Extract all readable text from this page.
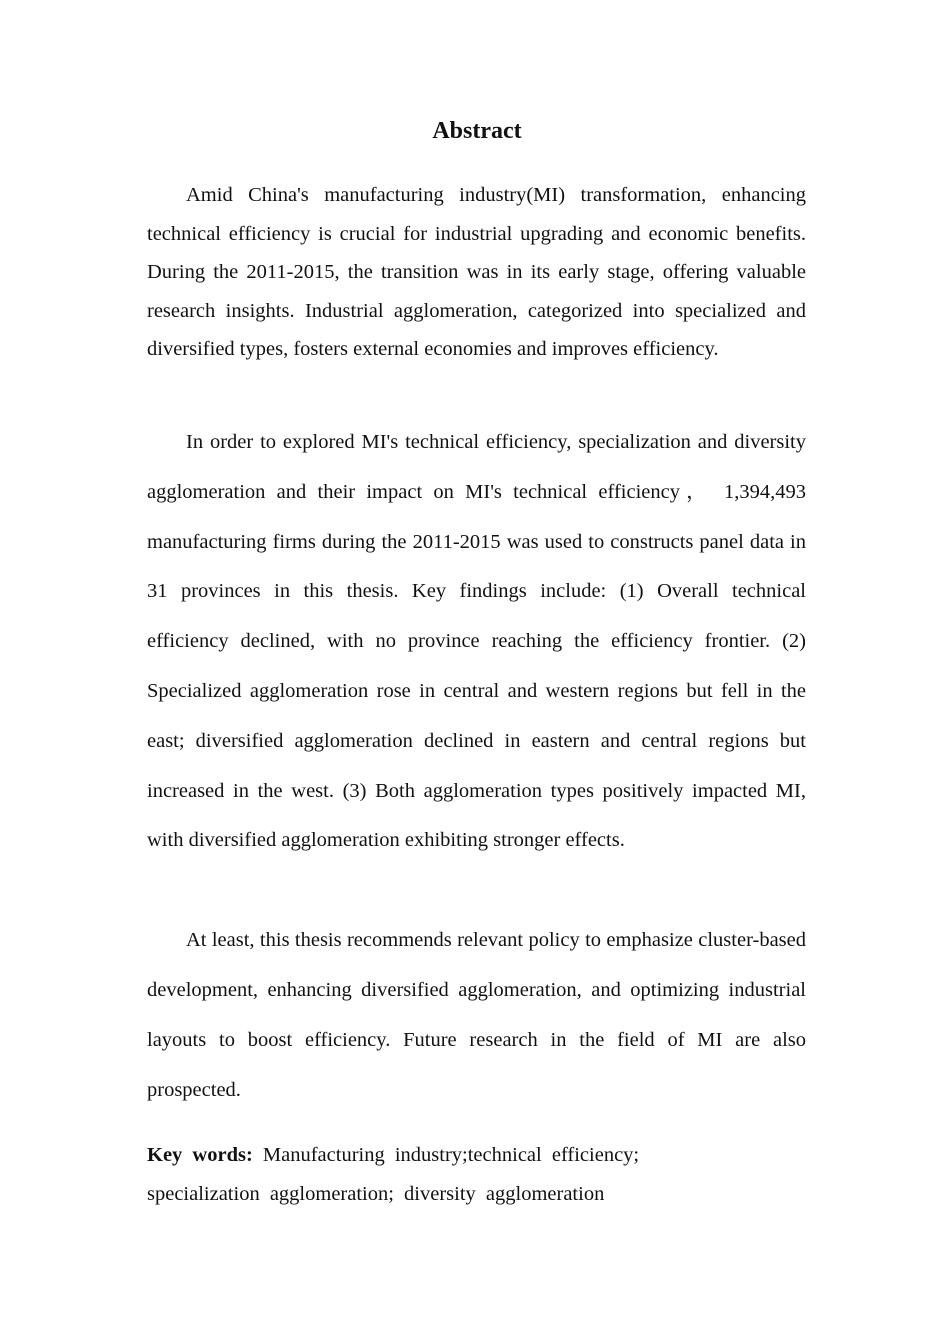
Abstract

Amid China's manufacturing industry(MI) transformation, enhancing technical efficiency is crucial for industrial upgrading and economic benefits. During the 2011-2015, the transition was in its early stage, offering valuable research insights. Industrial agglomeration, categorized into specialized and diversified types, fosters external economies and improves efficiency.

In order to explored MI's technical efficiency, specialization and diversity agglomeration and their impact on MI's technical efficiency， 1,394,493 manufacturing firms during the 2011-2015 was used to constructs panel data in 31 provinces in this thesis. Key findings include: (1) Overall technical efficiency declined, with no province reaching the efficiency frontier. (2) Specialized agglomeration rose in central and western regions but fell in the east; diversified agglomeration declined in eastern and central regions but increased in the west. (3) Both agglomeration types positively impacted MI, with diversified agglomeration exhibiting stronger effects.

At least, this thesis recommends relevant policy to emphasize cluster-based development, enhancing diversified agglomeration, and optimizing industrial layouts to boost efficiency. Future research in the field of MI are also prospected.

Key words: Manufacturing industry;technical efficiency; specialization agglomeration; diversity agglomeration
